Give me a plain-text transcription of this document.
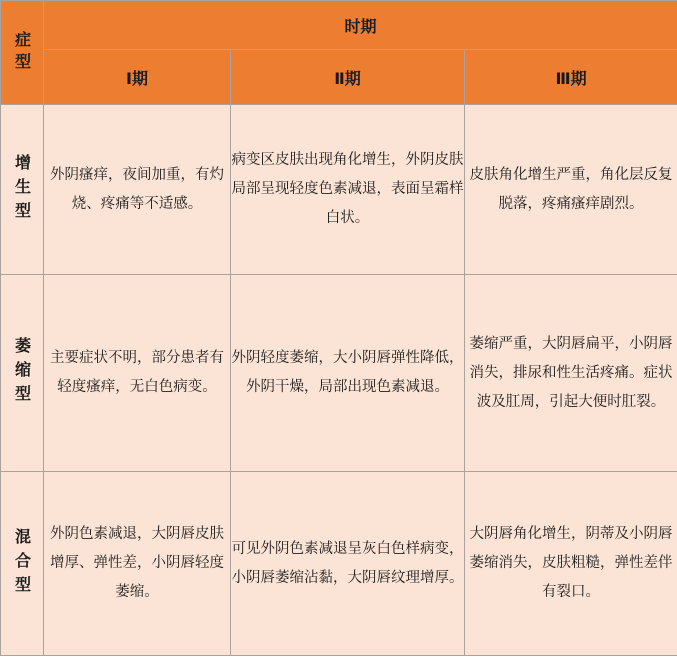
症型	时期		
	Ⅰ期	Ⅱ期	Ⅲ期
增生型	外阴瘙痒，夜间加重，有灼烧、疼痛等不适感。	病变区皮肤出现角化增生，外阴皮肤局部呈现轻度色素减退，表面呈霜样白状。	皮肤角化增生严重，角化层反复脱落，疼痛瘙痒剧烈。
萎缩型	主要症状不明，部分患者有轻度瘙痒，无白色病变。	外阴轻度萎缩，大小阴唇弹性降低，外阴干燥，局部出现色素减退。	萎缩严重，大阴唇扁平，小阴唇消失，排尿和性生活疼痛。症状波及肛周，引起大便时肛裂。
混合型	外阴色素减退，大阴唇皮肤增厚、弹性差，小阴唇轻度萎缩。	可见外阴色素减退呈灰白色样病变，小阴唇萎缩沾黏，大阴唇纹理增厚。	大阴唇角化增生，阴蒂及小阴唇萎缩消失，皮肤粗糙，弹性差伴有裂口。
